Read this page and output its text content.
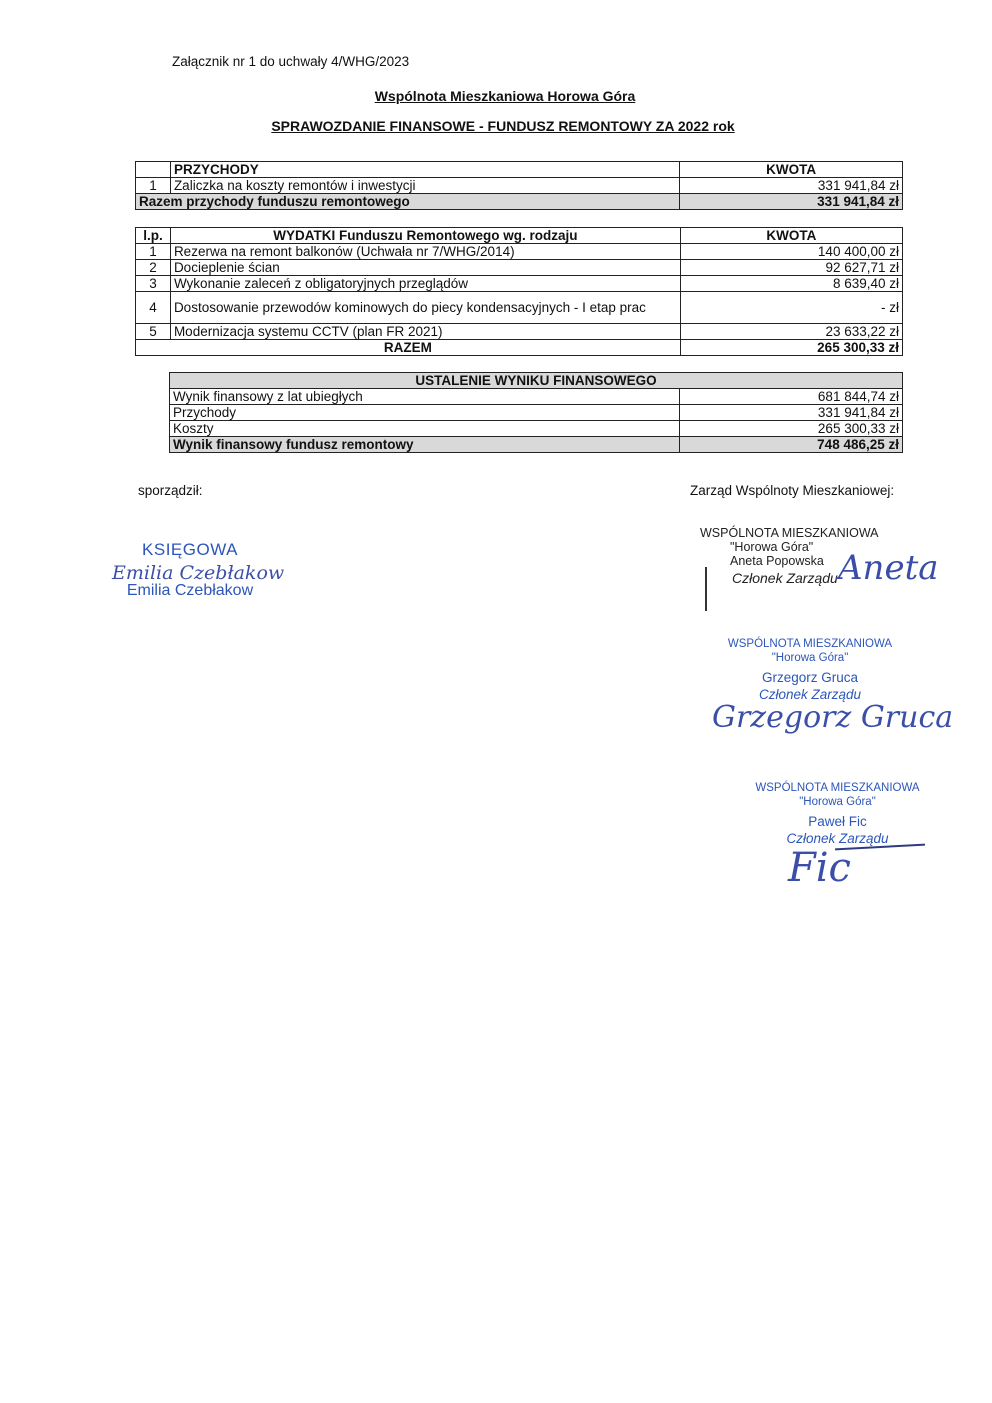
Załącznik nr 1 do uchwały 4/WHG/2023
Wspólnota Mieszkaniowa Horowa Góra
SPRAWOZDANIE FINANSOWE - FUNDUSZ REMONTOWY ZA 2022 rok
	PRZYCHODY	KWOTA
1	Zaliczka na koszty remontów i inwestycji	331 941,84 zł
Razem przychody funduszu remontowego		331 941,84 zł
l.p.	WYDATKI Funduszu Remontowego wg. rodzaju	KWOTA
1	Rezerwa na remont balkonów (Uchwała nr 7/WHG/2014)	140 400,00 zł
2	Docieplenie ścian	92 627,71 zł
3	Wykonanie zaleceń z obligatoryjnych przeglądów	8 639,40 zł
4	Dostosowanie przewodów kominowych do piecy kondensacyjnych - I etap prac	- zł
5	Modernizacja systemu CCTV (plan FR 2021)	23 633,22 zł
RAZEM		265 300,33 zł
USTALENIE WYNIKU FINANSOWEGO	
Wynik finansowy z lat ubiegłych	681 844,74 zł
Przychody	331 941,84 zł
Koszty	265 300,33 zł
Wynik finansowy fundusz remontowy	748 486,25 zł
sporządził:	Zarząd Wspólnoty Mieszkaniowej:
KSIĘGOWA
Emilia Czebłakow
Emilia Czebłakow
WSPÓLNOTA MIESZKANIOWA
"Horowa Góra"
Aneta Popowska
Członek Zarządu Aneta
WSPÓLNOTA MIESZKANIOWA
"Horowa Góra"
Grzegorz Gruca
Członek Zarządu
Grzegorz Gruca
WSPÓLNOTA MIESZKANIOWA
"Horowa Góra"
Paweł Fic
Członek Zarządu
Fic
